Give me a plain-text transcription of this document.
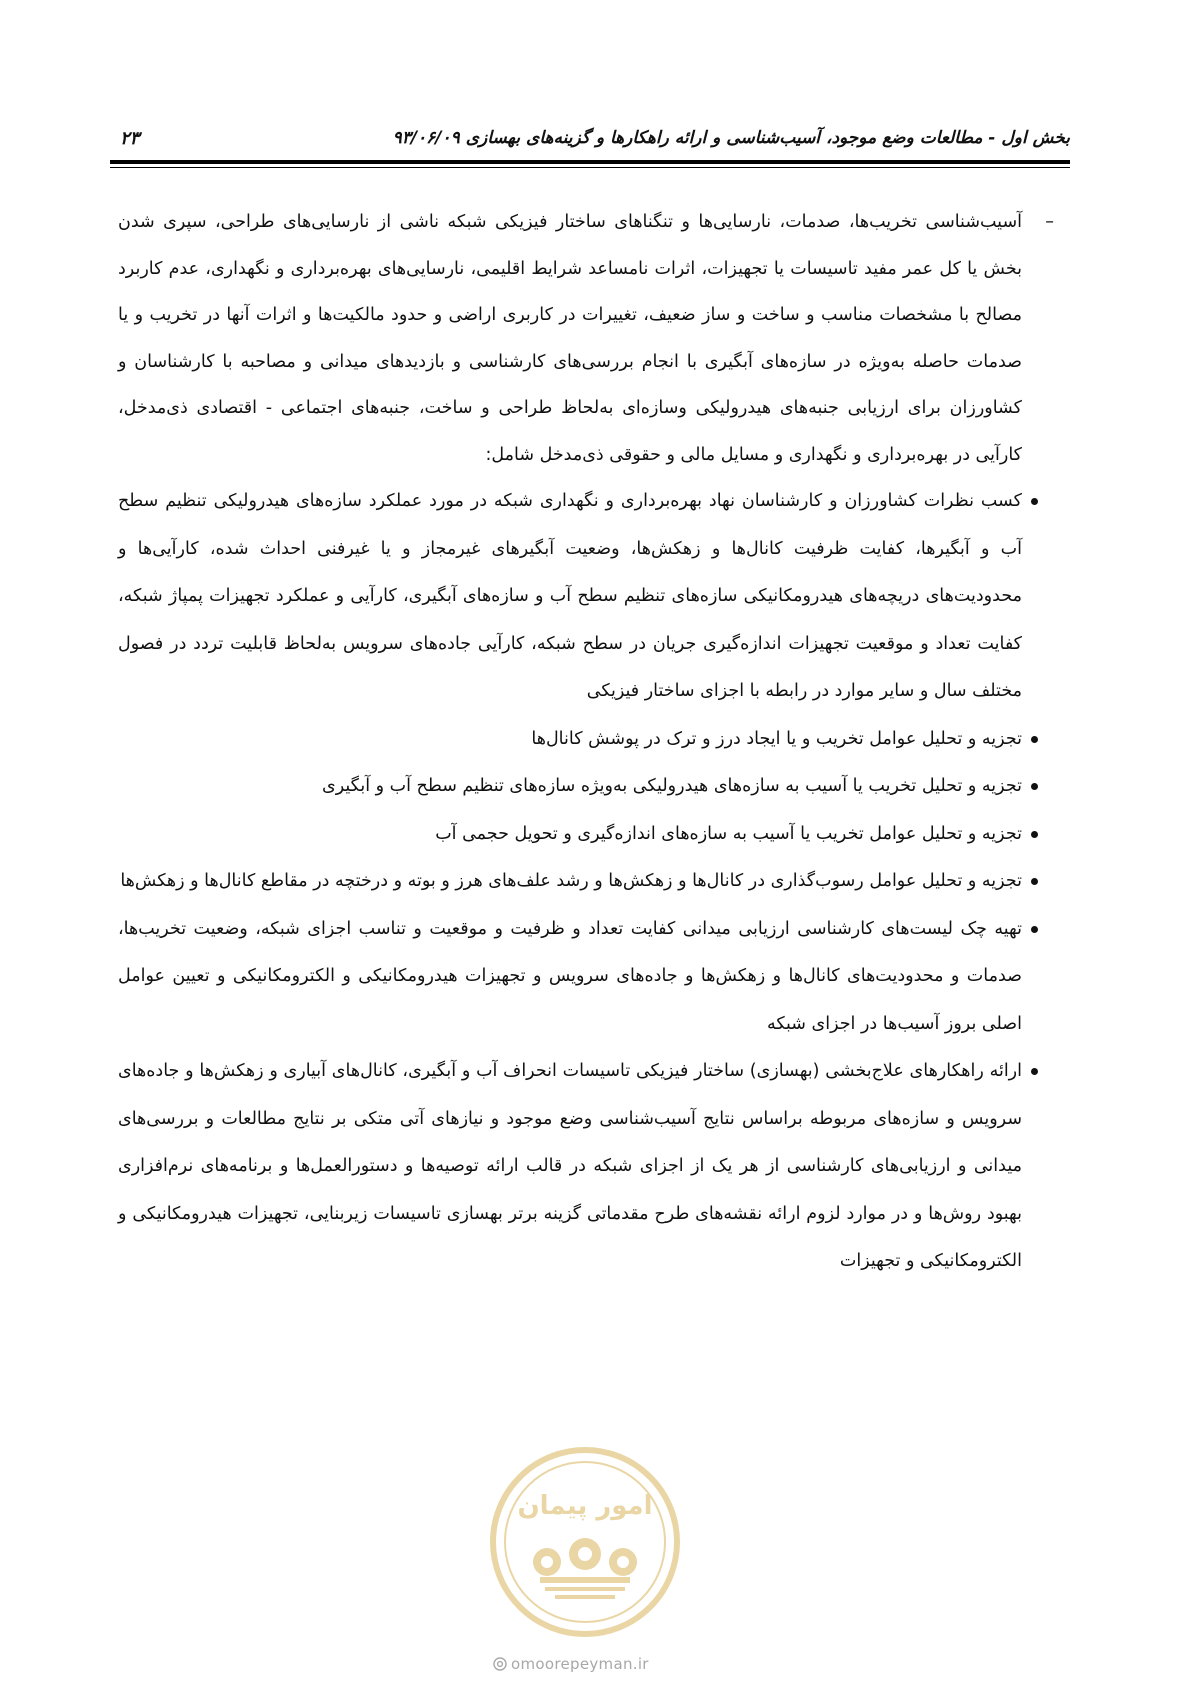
بخش اول - مطالعات وضع موجود، آسیب‌شناسی و ارائه راهکارها و گزینه‌های بهسازی ۹۳/۰۶/۰۹
۲۳

–
آسیب‌شناسی تخریب‌ها، صدمات، نارسایی‌ها و تنگناهای ساختار فیزیکی شبکه ناشی از نارسایی‌های طراحی، سپری شدن بخش یا کل عمر مفید تاسیسات یا تجهیزات، اثرات نامساعد شرایط اقلیمی، نارسایی‌های بهره‌برداری و نگهداری، عدم کاربرد مصالح با مشخصات مناسب و ساخت و ساز ضعیف، تغییرات در کاربری اراضی و حدود مالکیت‌ها و اثرات آنها در تخریب و یا صدمات حاصله به‌ویژه در سازه‌های آبگیری با انجام بررسی‌های کارشناسی و بازدیدهای میدانی و مصاحبه با کارشناسان و کشاورزان برای ارزیابی جنبه‌های هیدرولیکی وسازه‌ای به‌لحاظ طراحی و ساخت، جنبه‌های اجتماعی - اقتصادی ذی‌مدخل، کارآیی در بهره‌برداری و نگهداری و مسایل مالی و حقوقی ذی‌مدخل شامل:

کسب نظرات کشاورزان و کارشناسان نهاد بهره‌برداری و نگهداری شبکه در مورد عملکرد سازه‌های هیدرولیکی تنظیم سطح آب و آبگیرها، کفایت ظرفیت کانال‌ها و زهکش‌ها، وضعیت آبگیرهای غیرمجاز و یا غیرفنی احداث شده، کارآیی‌ها و محدودیت‌های دریچه‌های هیدرومکانیکی سازه‌های تنظیم سطح آب و سازه‌های آبگیری، کارآیی و عملکرد تجهیزات پمپاژ شبکه، کفایت تعداد و موقعیت تجهیزات اندازه‌گیری جریان در سطح شبکه، کارآیی جاده‌های سرویس به‌لحاظ قابلیت تردد در فصول مختلف سال و سایر موارد در رابطه با اجزای ساختار فیزیکی
تجزیه و تحلیل عوامل تخریب و یا ایجاد درز و ترک در پوشش کانال‌ها
تجزیه و تحلیل تخریب یا آسیب به سازه‌های هیدرولیکی به‌ویژه سازه‌های تنظیم سطح آب و آبگیری
تجزیه و تحلیل عوامل تخریب یا آسیب به سازه‌های اندازه‌گیری و تحویل حجمی آب
تجزیه و تحلیل عوامل رسوب‌گذاری در کانال‌ها و زهکش‌ها و رشد علف‌های هرز و بوته و درختچه در مقاطع کانال‌ها و زهکش‌ها
تهیه چک لیست‌های کارشناسی ارزیابی میدانی کفایت تعداد و ظرفیت و موقعیت و تناسب اجزای شبکه، وضعیت تخریب‌ها، صدمات و محدودیت‌های کانال‌ها و زهکش‌ها و جاده‌های سرویس و تجهیزات هیدرومکانیکی و الکترومکانیکی و تعیین عوامل اصلی بروز آسیب‌ها در اجزای شبکه
ارائه راهکارهای علاج‌بخشی (بهسازی) ساختار فیزیکی تاسیسات انحراف آب و آبگیری، کانال‌های آبیاری و زهکش‌ها و جاده‌های سرویس و سازه‌های مربوطه براساس نتایج آسیب‌شناسی وضع موجود و نیازهای آتی متکی بر نتایج مطالعات و بررسی‌های میدانی و ارزیابی‌های کارشناسی از هر یک از اجزای شبکه در قالب ارائه توصیه‌ها و دستورالعمل‌ها و برنامه‌های نرم‌افزاری بهبود روش‌ها و در موارد لزوم ارائه نقشه‌های طرح مقدماتی گزینه برتر بهسازی تاسیسات زیربنایی، تجهیزات هیدرومکانیکی و الکترومکانیکی و تجهیزات
امور پیمان
omoorepeyman.ir
